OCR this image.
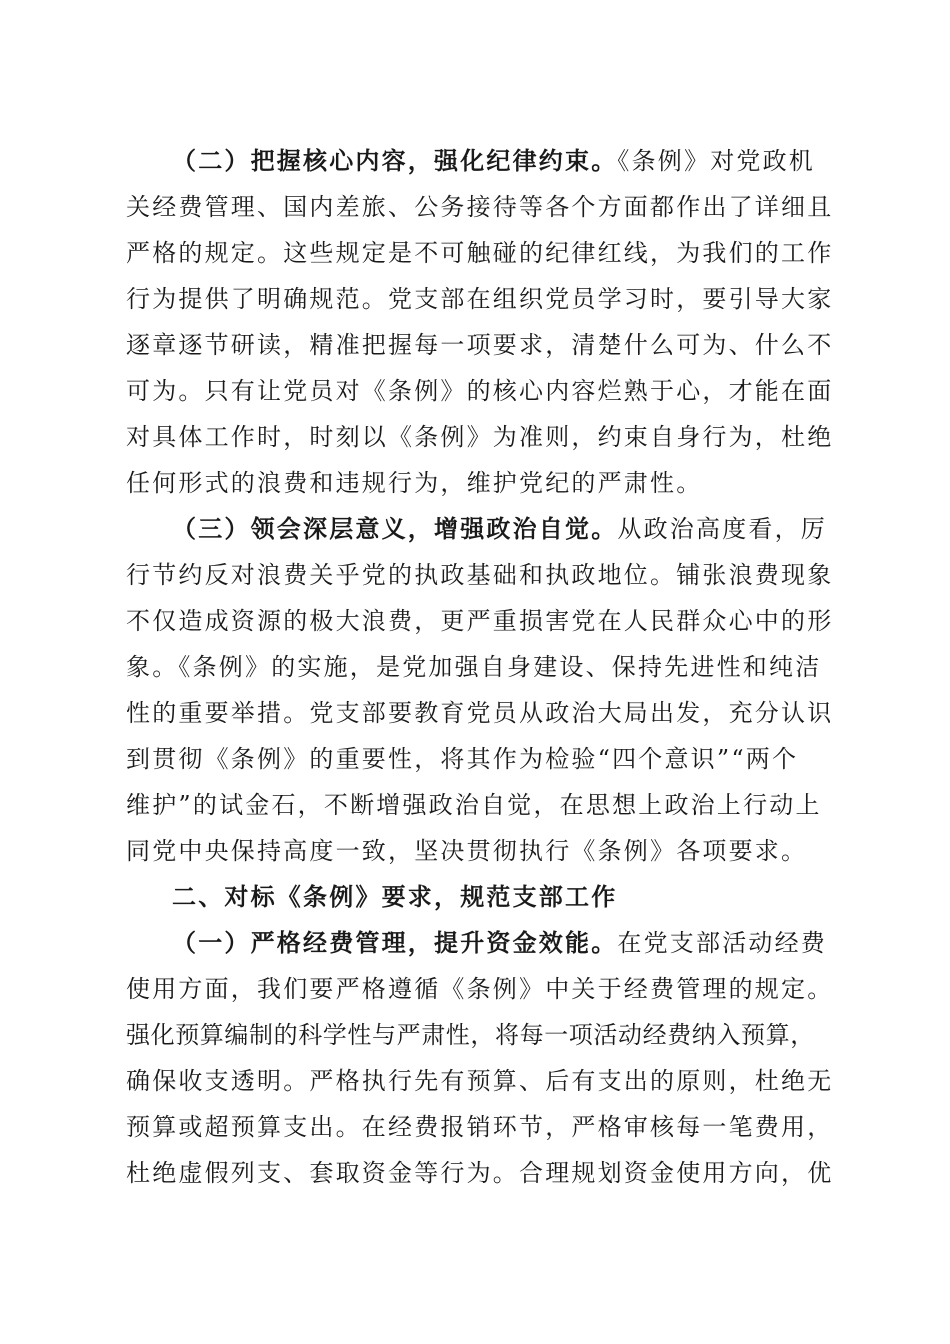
（二）把握核心内容，强化纪律约束。《条例》对党政机
关经费管理、国内差旅、公务接待等各个方面都作出了详细且
严格的规定。这些规定是不可触碰的纪律红线，为我们的工作
行为提供了明确规范。党支部在组织党员学习时，要引导大家
逐章逐节研读，精准把握每一项要求，清楚什么可为、什么不
可为。只有让党员对《条例》的核心内容烂熟于心，才能在面
对具体工作时，时刻以《条例》为准则，约束自身行为，杜绝
任何形式的浪费和违规行为，维护党纪的严肃性。
（三）领会深层意义，增强政治自觉。从政治高度看，厉
行节约反对浪费关乎党的执政基础和执政地位。铺张浪费现象
不仅造成资源的极大浪费，更严重损害党在人民群众心中的形
象。《条例》的实施，是党加强自身建设、保持先进性和纯洁
性的重要举措。党支部要教育党员从政治大局出发，充分认识
到贯彻《条例》的重要性，将其作为检验“四个意识”“两个
维护”的试金石，不断增强政治自觉，在思想上政治上行动上
同党中央保持高度一致，坚决贯彻执行《条例》各项要求。
二、对标《条例》要求，规范支部工作
（一）严格经费管理，提升资金效能。在党支部活动经费
使用方面，我们要严格遵循《条例》中关于经费管理的规定。
强化预算编制的科学性与严肃性，将每一项活动经费纳入预算，
确保收支透明。严格执行先有预算、后有支出的原则，杜绝无
预算或超预算支出。在经费报销环节，严格审核每一笔费用，
杜绝虚假列支、套取资金等行为。合理规划资金使用方向，优
